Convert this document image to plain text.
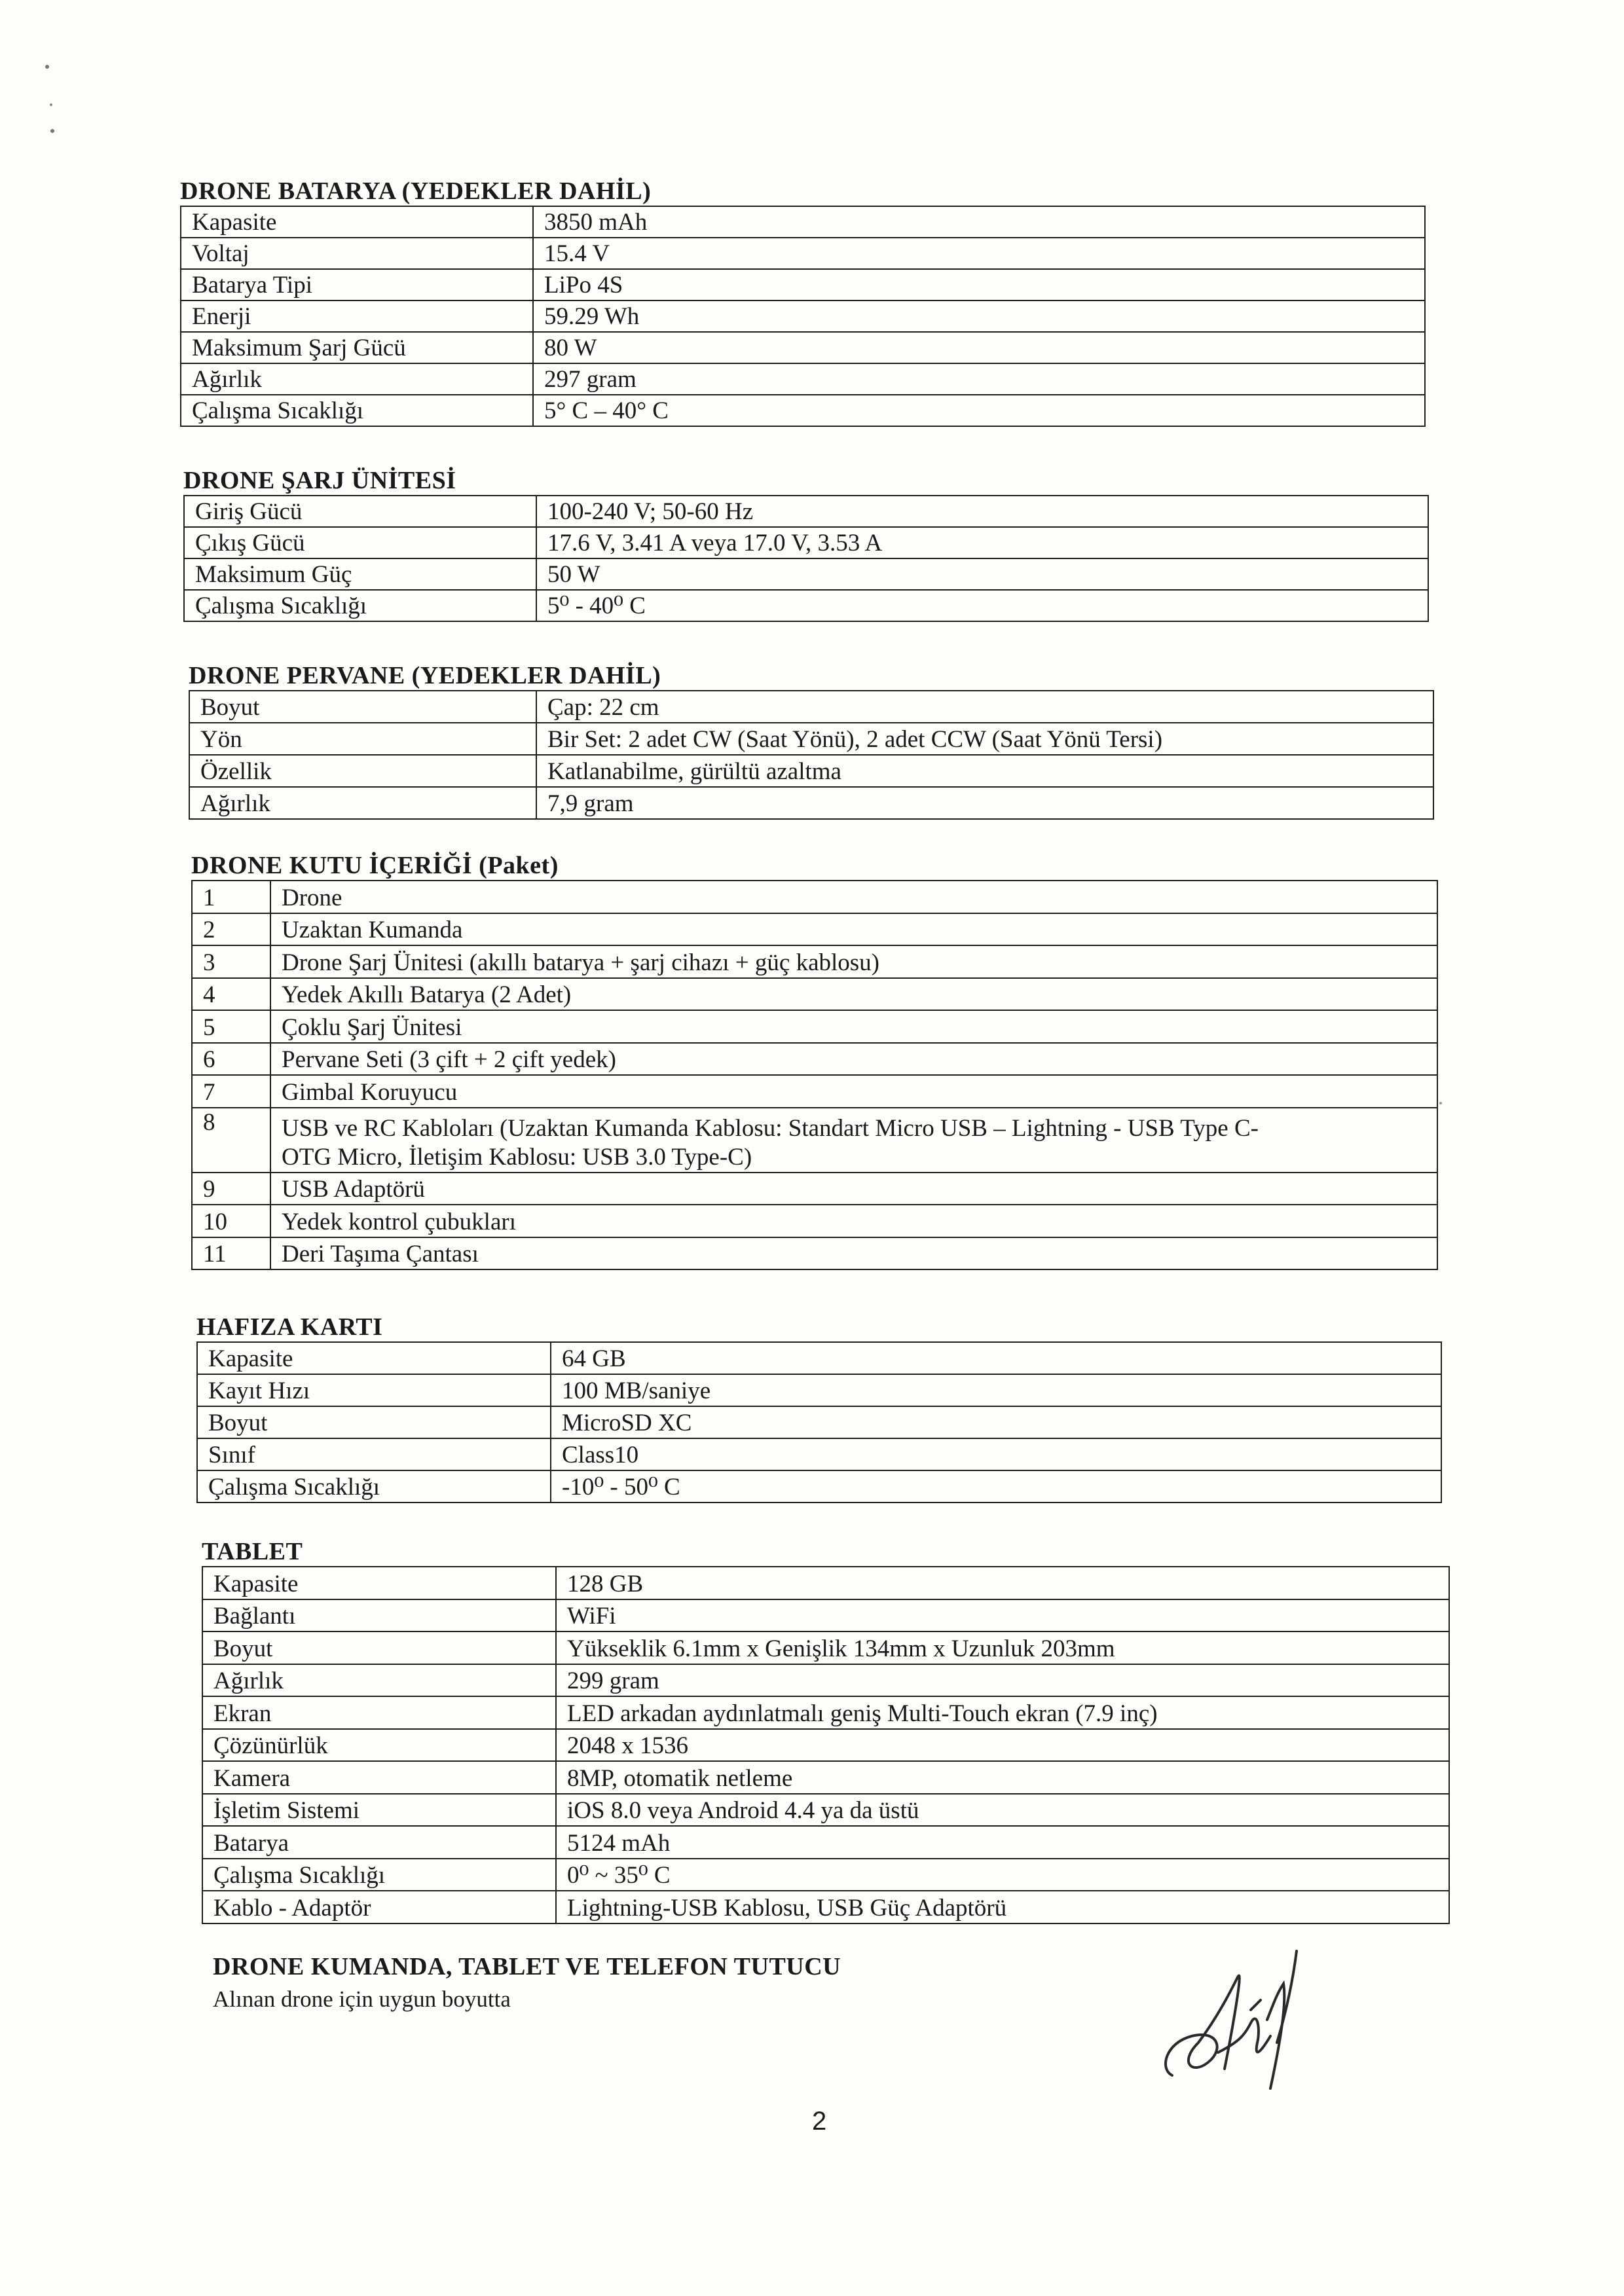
DRONE BATARYA (YEDEKLER DAHİL)
Kapasite	3850 mAh
Voltaj	15.4 V
Batarya Tipi	LiPo 4S
Enerji	59.29 Wh
Maksimum Şarj Gücü	80 W
Ağırlık	297 gram
Çalışma Sıcaklığı	5° C – 40° C
DRONE ŞARJ ÜNİTESİ
Giriş Gücü	100-240 V; 50-60 Hz
Çıkış Gücü	17.6 V, 3.41 A veya 17.0 V, 3.53 A
Maksimum Güç	50 W
Çalışma Sıcaklığı	5⁰ - 40⁰ C
DRONE PERVANE (YEDEKLER DAHİL)
Boyut	Çap: 22 cm
Yön	Bir Set: 2 adet CW (Saat Yönü), 2 adet CCW (Saat Yönü Tersi)
Özellik	Katlanabilme, gürültü azaltma
Ağırlık	7,9 gram
DRONE KUTU İÇERİĞİ (Paket)
1	Drone
2	Uzaktan Kumanda
3	Drone Şarj Ünitesi (akıllı batarya + şarj cihazı + güç kablosu)
4	Yedek Akıllı Batarya (2 Adet)
5	Çoklu Şarj Ünitesi
6	Pervane Seti (3 çift + 2 çift yedek)
7	Gimbal Koruyucu
8	USB ve RC Kabloları (Uzaktan Kumanda Kablosu: Standart Micro USB – Lightning - USB Type C-
OTG Micro, İletişim Kablosu: USB 3.0 Type-C)

9	USB Adaptörü
10	Yedek kontrol çubukları
11	Deri Taşıma Çantası
HAFIZA KARTI
Kapasite	64 GB
Kayıt Hızı	100 MB/saniye
Boyut	MicroSD XC
Sınıf	Class10
Çalışma Sıcaklığı	-10⁰ - 50⁰ C
TABLET
Kapasite	128 GB
Bağlantı	WiFi
Boyut	Yükseklik 6.1mm x Genişlik 134mm x Uzunluk 203mm
Ağırlık	299 gram
Ekran	LED arkadan aydınlatmalı geniş Multi-Touch ekran (7.9 inç)
Çözünürlük	2048 x 1536
Kamera	8MP, otomatik netleme
İşletim Sistemi	iOS 8.0 veya Android 4.4 ya da üstü
Batarya	5124 mAh
Çalışma Sıcaklığı	0⁰ ~ 35⁰ C
Kablo - Adaptör	Lightning-USB Kablosu, USB Güç Adaptörü
DRONE KUMANDA, TABLET VE TELEFON TUTUCU
Alınan drone için uygun boyutta
2
